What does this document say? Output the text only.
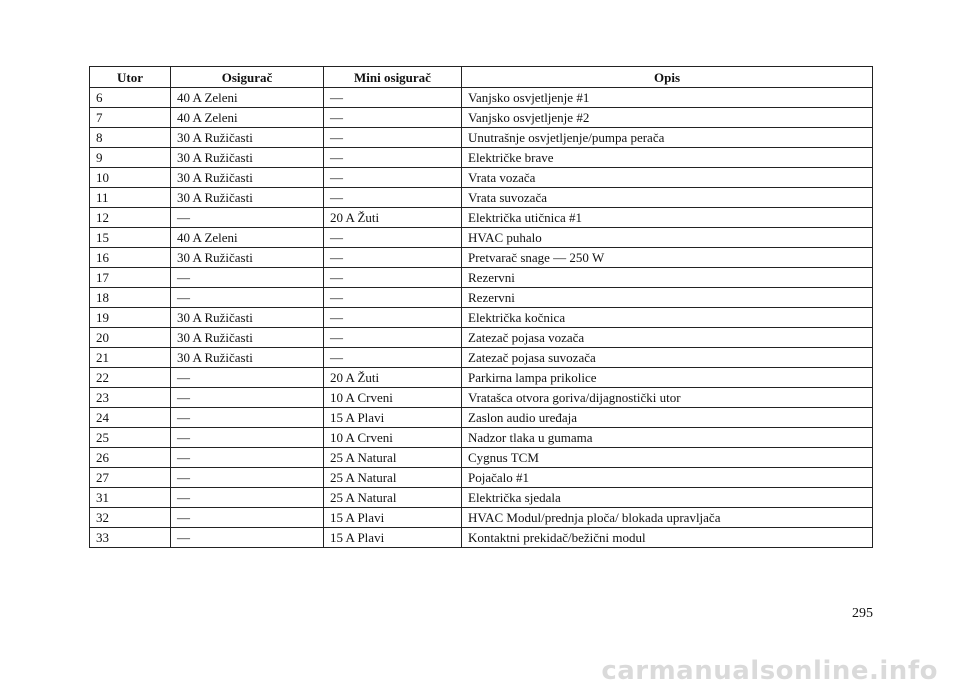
Utor	Osigurač	Mini osigurač	Opis
6	40 A Zeleni	—	Vanjsko osvjetljenje #1
7	40 A Zeleni	—	Vanjsko osvjetljenje #2
8	30 A Ružičasti	—	Unutrašnje osvjetljenje/pumpa perača
9	30 A Ružičasti	—	Električke brave
10	30 A Ružičasti	—	Vrata vozača
11	30 A Ružičasti	—	Vrata suvozača
12	—	20 A Žuti	Električka utičnica #1
15	40 A Zeleni	—	HVAC puhalo
16	30 A Ružičasti	—	Pretvarač snage — 250 W
17	—	—	Rezervni
18	—	—	Rezervni
19	30 A Ružičasti	—	Električka kočnica
20	30 A Ružičasti	—	Zatezač pojasa vozača
21	30 A Ružičasti	—	Zatezač pojasa suvozača
22	—	20 A Žuti	Parkirna lampa prikolice
23	—	10 A Crveni	Vratašca otvora goriva/dijagnostički utor
24	—	15 A Plavi	Zaslon audio uređaja
25	—	10 A Crveni	Nadzor tlaka u gumama
26	—	25 A Natural	Cygnus TCM
27	—	25 A Natural	Pojačalo #1
31	—	25 A Natural	Električka sjedala
32	—	15 A Plavi	HVAC Modul/prednja ploča/ blokada upravljača
33	—	15 A Plavi	Kontaktni prekidač/bežični modul
295
carmanualsonline.info
